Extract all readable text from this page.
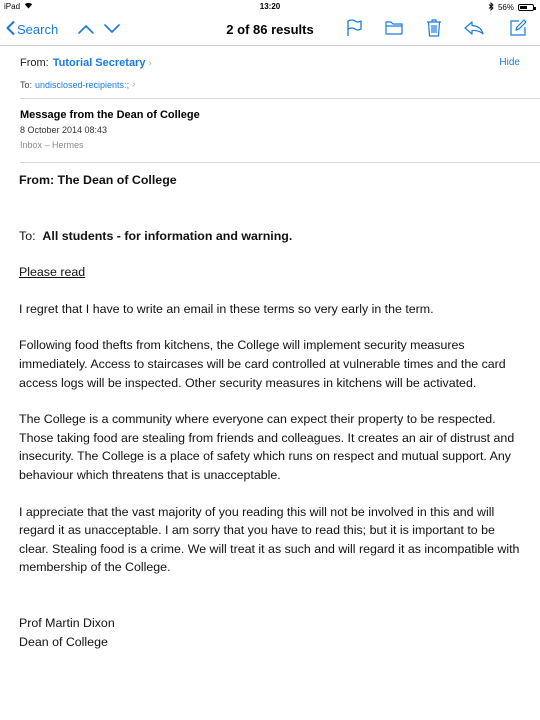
iPad	13:20	56%
Search	2 of 86 results
From: Tutorial Secretary ›	Hide
To: undisclosed-recipients:; ›
Message from the Dean of College
8 October 2014 08:43
Inbox – Hermes

From: The Dean of College

To: All students - for information and warning.

Please read

I regret that I have to write an email in these terms so very early in the term.

Following food thefts from kitchens, the College will implement security measures immediately. Access to staircases will be card controlled at vulnerable times and the card access logs will be inspected. Other security measures in kitchens will be activated.

The College is a community where everyone can expect their property to be respected. Those taking food are stealing from friends and colleagues. It creates an air of distrust and insecurity. The College is a place of safety which runs on respect and mutual support. Any behaviour which threatens that is unacceptable.

I appreciate that the vast majority of you reading this will not be involved in this and will regard it as unacceptable. I am sorry that you have to read this; but it is important to be clear. Stealing food is a crime. We will treat it as such and will regard it as incompatible with membership of the College.

Prof Martin Dixon

Dean of College
